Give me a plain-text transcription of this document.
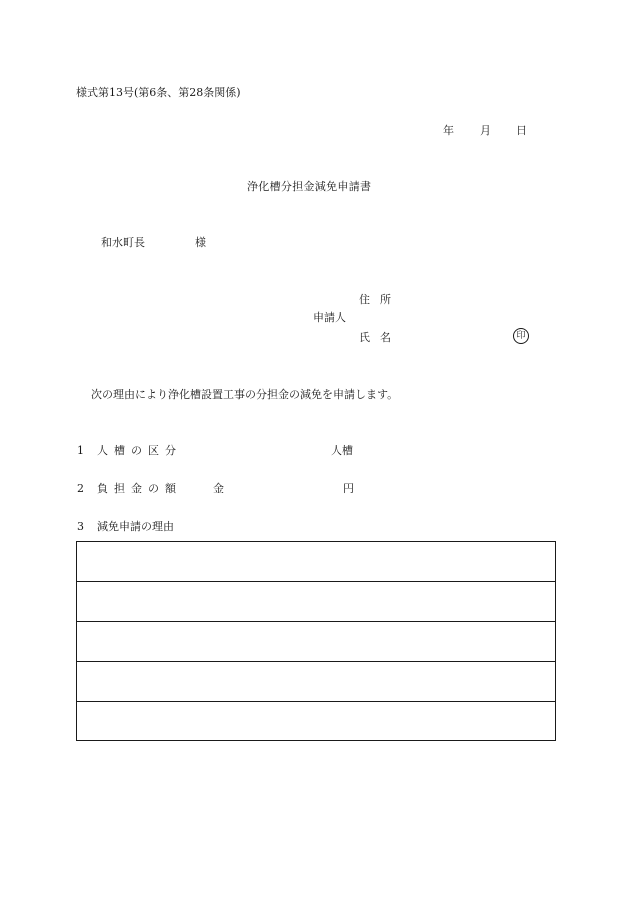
様式第13号(第6条、第28条関係)
年 月 日
浄化槽分担金減免申請書
和水町長	様
住所
申請人
氏名	印
次の理由により浄化槽設置工事の分担金の減免を申請します。
1 人槽の区分	人槽
2 負担金の額	金	円
3 減免申請の理由
